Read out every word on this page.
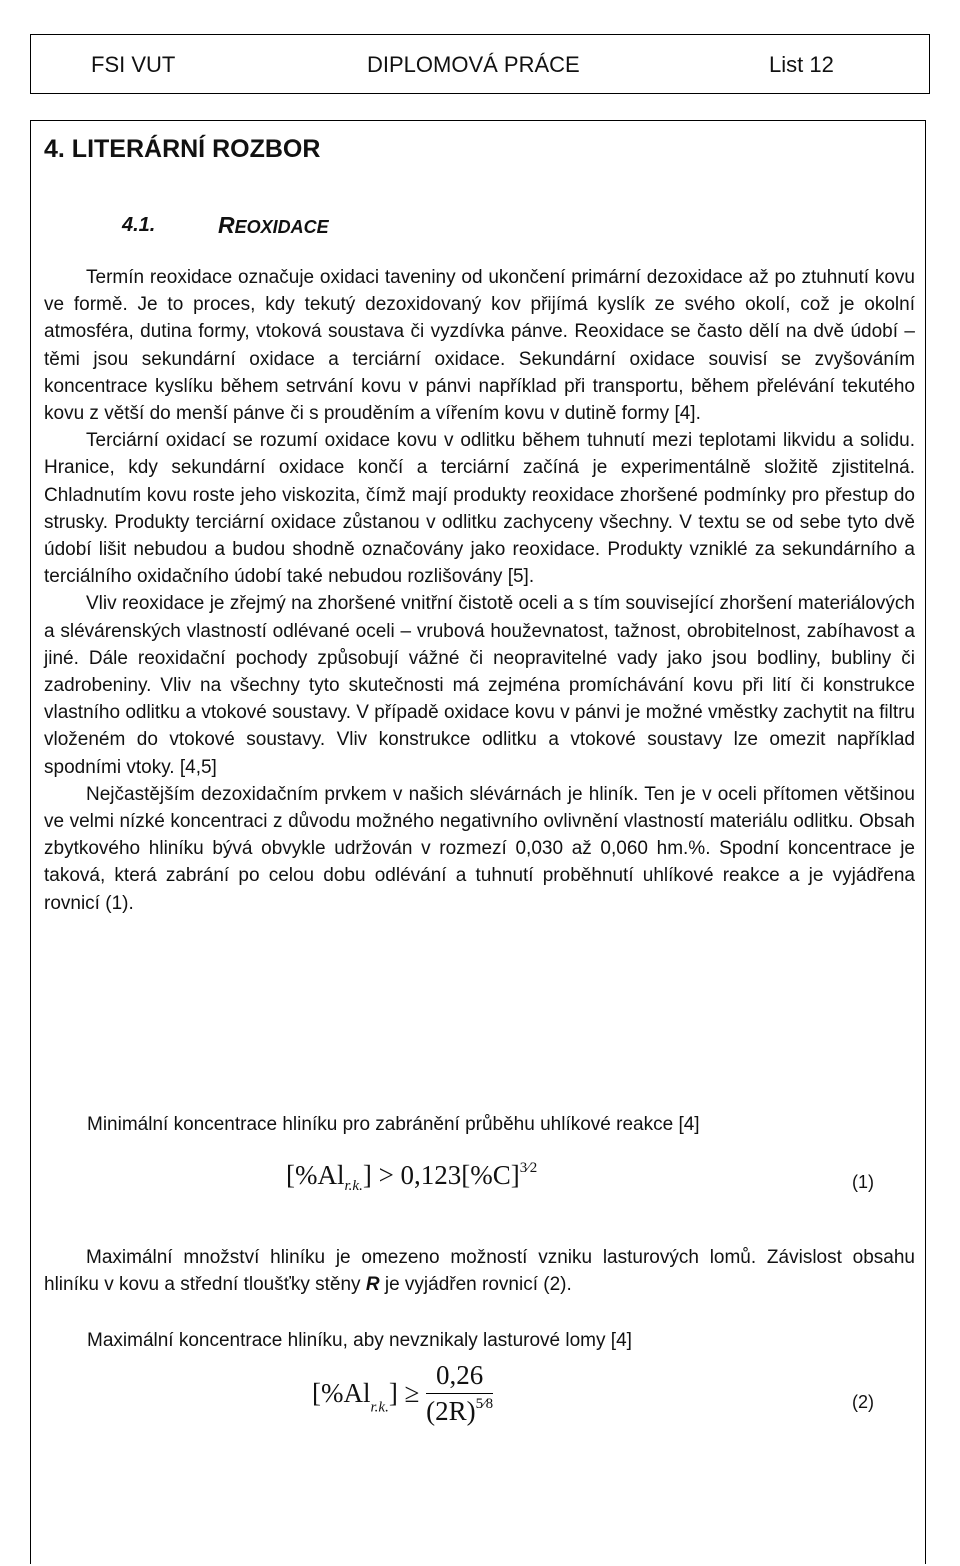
FSI VUT	DIPLOMOVÁ PRÁCE	List 12
4. LITERÁRNÍ ROZBOR
4.1.	REOXIDACE

Termín reoxidace označuje oxidaci taveniny od ukončení primární dezoxidace až po ztuhnutí kovu ve formě. Je to proces, kdy tekutý dezoxidovaný kov přijímá kyslík ze svého okolí, což je okolní atmosféra, dutina formy, vtoková soustava či vyzdívka pánve. Reoxidace se často dělí na dvě údobí – těmi jsou sekundární oxidace a terciární oxidace. Sekundární oxidace souvisí se zvyšováním koncentrace kyslíku během setrvání kovu v pánvi například při transportu, během přelévání tekutého kovu z větší do menší pánve či s prouděním a vířením kovu v dutině formy [4].

Terciární oxidací se rozumí oxidace kovu v odlitku během tuhnutí mezi teplotami likvidu a solidu. Hranice, kdy sekundární oxidace končí a terciární začíná je experimentálně složitě zjistitelná. Chladnutím kovu roste jeho viskozita, čímž mají produkty reoxidace zhoršené podmínky pro přestup do strusky. Produkty terciární oxidace zůstanou v odlitku zachyceny všechny. V textu se od sebe tyto dvě údobí lišit nebudou a budou shodně označovány jako reoxidace. Produkty vzniklé za sekundárního a terciálního oxidačního údobí také nebudou rozlišovány [5].

Vliv reoxidace je zřejmý na zhoršené vnitřní čistotě oceli a s tím související zhoršení materiálových a slévárenských vlastností odlévané oceli – vrubová houževnatost, tažnost, obrobitelnost, zabíhavost a jiné. Dále reoxidační pochody způsobují vážné či neopravitelné vady jako jsou bodliny, bubliny či zadrobeniny. Vliv na všechny tyto skutečnosti má zejména promíchávání kovu při lití či konstrukce vlastního odlitku a vtokové soustavy. V případě oxidace kovu v pánvi je možné vměstky zachytit na filtru vloženém do vtokové soustavy. Vliv konstrukce odlitku a vtokové soustavy lze omezit například spodními vtoky. [4,5]

Nejčastějším dezoxidačním prvkem v našich slévárnách je hliník. Ten je v oceli přítomen většinou ve velmi nízké koncentraci z důvodu možného negativního ovlivnění vlastností materiálu odlitku. Obsah zbytkového hliníku bývá obvykle udržován v rozmezí 0,030 až 0,060 hm.%. Spodní koncentrace je taková, která zabrání po celou dobu odlévání a tuhnutí proběhnutí uhlíkové reakce a je vyjádřena rovnicí (1).

Minimální koncentrace hliníku pro zabránění průběhu uhlíkové reakce [4]
$[\%Al_{r.k.}] > 0,123[\%C]^{3⁄2}$
(1)

Maximální množství hliníku je omezeno možností vzniku lasturových lomů. Závislost obsahu hliníku v kovu a střední tloušťky stěny R je vyjádřen rovnicí (2).

Maximální koncentrace hliníku, aby nevznikaly lasturové lomy [4]
$[\%Al_{r.k.}] \ge \frac{0,26}{(2R)^{5⁄8}}$	(2)
